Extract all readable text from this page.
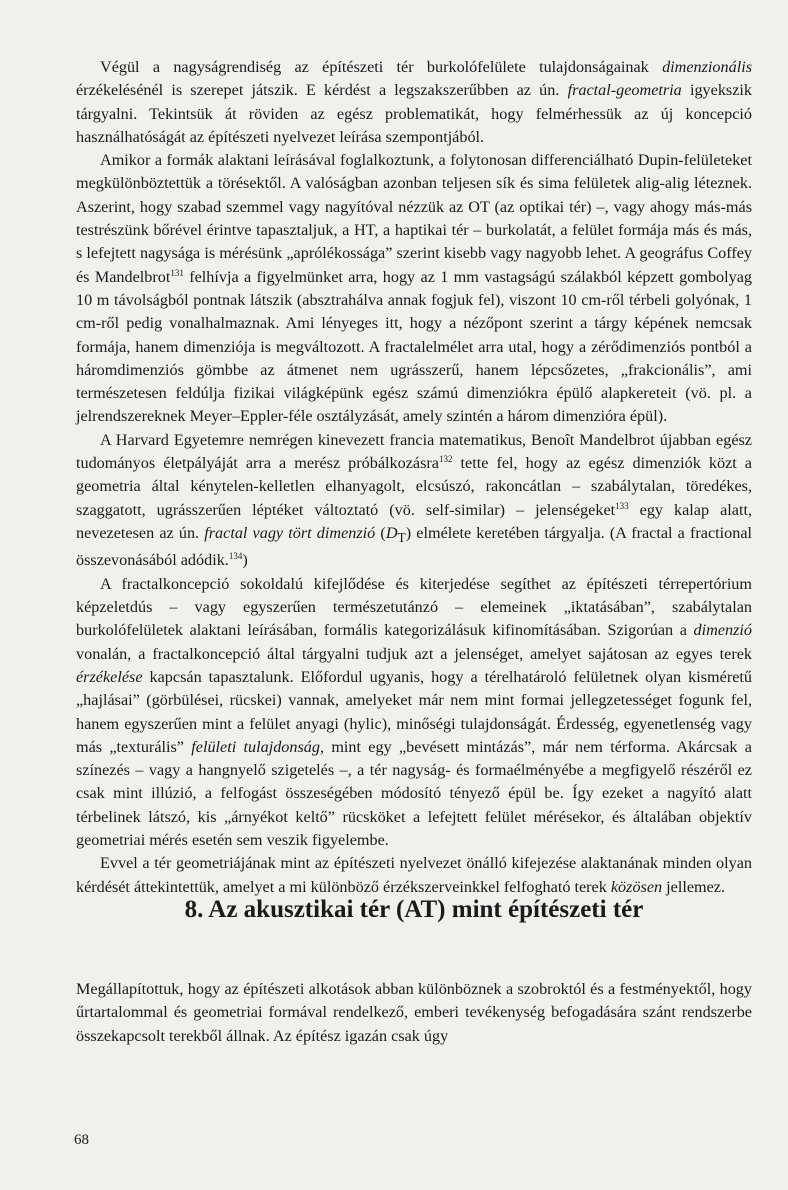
Végül a nagyságrendiség az építészeti tér burkolófelülete tulajdonságainak dimenzionális érzékelésénél is szerepet játszik. E kérdést a legszakszerűbben az ún. fractal-geometria igyekszik tárgyalni. Tekintsük át röviden az egész problematikát, hogy felmérhessük az új koncepció használhatóságát az építészeti nyelvezet leírása szempontjából.

Amikor a formák alaktani leírásával foglalkoztunk, a folytonosan differenciálható Dupin-felületeket megkülönböztettük a törésektől. A valóságban azonban teljesen sík és sima felületek alig-alig léteznek. Aszerint, hogy szabad szemmel vagy nagyítóval nézzük az OT (az optikai tér) –, vagy ahogy más-más testrészünk bőrével érintve tapasztaljuk, a HT, a haptikai tér – burkolatát, a felület formája más és más, s lefejtett nagysága is mérésünk „aprólékossága” szerint kisebb vagy nagyobb lehet. A geográfus Coffey és Mandelbrot$^{131}$ felhívja a figyelmünket arra, hogy az 1 mm vastagságú szálakból képzett gombolyag 10 m távolságból pontnak látszik (absztrahálva annak fogjuk fel), viszont 10 cm-ről térbeli golyónak, 1 cm-ről pedig vonalhalmaznak. Ami lényeges itt, hogy a nézőpont szerint a tárgy képének nemcsak formája, hanem dimenziója is megváltozott. A fractalelmélet arra utal, hogy a zérődimenziós pontból a háromdimenziós gömbbe az átmenet nem ugrásszerű, hanem lépcsőzetes, „frakcionális”, ami természetesen feldúlja fizikai világképünk egész számú dimenziókra épülő alapkereteit (vö. pl. a jelrendszereknek Meyer–Eppler-féle osztályzását, amely szintén a három dimenzióra épül).

A Harvard Egyetemre nemrégen kinevezett francia matematikus, Benoît Mandelbrot újabban egész tudományos életpályáját arra a merész próbálkozásra$^{132}$ tette fel, hogy az egész dimenziók közt a geometria által kénytelen-kelletlen elhanyagolt, elcsúszó, rakoncátlan – szabálytalan, töredékes, szaggatott, ugrásszerűen léptéket változtató (vö. self-similar) – jelenségeket$^{133}$ egy kalap alatt, nevezetesen az ún. fractal vagy tört dimenzió $(D_T)$ elmélete keretében tárgyalja. (A fractal a fractional összevonásából adódik.$^{134}$)

A fractalkoncepció sokoldalú kifejlődése és kiterjedése segíthet az építészeti térrepertórium képzeletdús – vagy egyszerűen természetutánzó – elemeinek „iktatásában”, szabálytalan burkolófelületek alaktani leírásában, formális kategorizálásuk kifinomításában. Szigorúan a dimenzió vonalán, a fractalkoncepció által tárgyalni tudjuk azt a jelenséget, amelyet sajátosan az egyes terek érzékelése kapcsán tapasztalunk. Előfordul ugyanis, hogy a térelhatároló felületnek olyan kisméretű „hajlásai” (görbülései, rücskei) vannak, amelyeket már nem mint formai jellegzetességet fogunk fel, hanem egyszerűen mint a felület anyagi (hylic), minőségi tulajdonságát. Érdesség, egyenetlenség vagy más „texturális” felületi tulajdonság, mint egy „bevésett mintázás”, már nem térforma. Akárcsak a színezés – vagy a hangnyelő szigetelés –, a tér nagyság- és formaélményébe a megfigyelő részéről ez csak mint illúzió, a felfogást összeségében módosító tényező épül be. Így ezeket a nagyító alatt térbelinek látszó, kis „árnyékot keltő” rücsköket a lefejtett felület mérésekor, és általában objektív geometriai mérés esetén sem veszik figyelembe.

Evvel a tér geometriájának mint az építészeti nyelvezet önálló kifejezése alaktanának minden olyan kérdését áttekintettük, amelyet a mi különböző érzékszerveinkkel felfogható terek közösen jellemez.

8. Az akusztikai tér (AT) mint építészeti tér

Megállapítottuk, hogy az építészeti alkotások abban különböznek a szobroktól és a festményektől, hogy űrtartalommal és geometriai formával rendelkező, emberi tevékenység befogadására szánt rendszerbe összekapcsolt terekből állnak. Az építész igazán csak úgy

68
